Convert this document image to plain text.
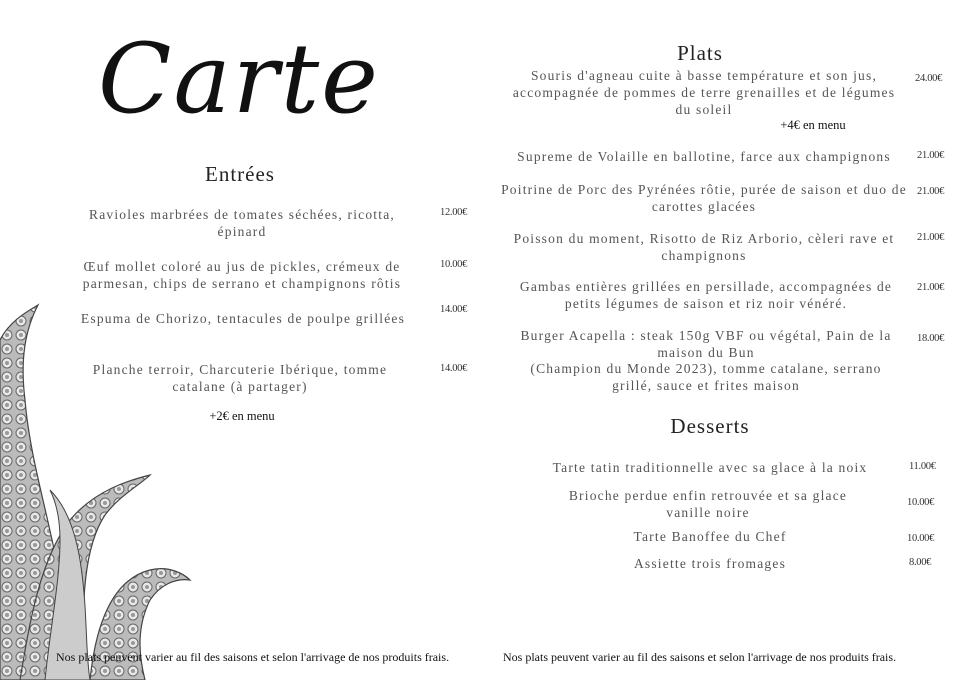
Carte
Entrées
Ravioles marbrées de tomates séchées, ricotta, épinard
12.00€
Œuf mollet coloré au jus de pickles, crémeux de parmesan, chips de serrano et champignons rôtis
10.00€
Espuma de Chorizo, tentacules de poulpe grillées
14.00€
Planche terroir, Charcuterie Ibérique, tomme catalane (à partager)
14.00€
+2€ en menu
Plats
Souris d'agneau cuite à basse température et son jus, accompagnée de pommes de terre grenailles et de légumes du soleil
24.00€
+4€ en menu
Supreme de Volaille en ballotine, farce aux champignons	21.00€
Poitrine de Porc des Pyrénées rôtie, purée de saison et duo de carottes glacées
21.00€
Poisson du moment, Risotto de Riz Arborio, cèleri rave et champignons
21.00€
Gambas entières grillées en persillade, accompagnées de petits légumes de saison et riz noir vénéré.
21.00€
Burger Acapella : steak 150g VBF ou végétal, Pain de la maison du Bun
(Champion du Monde 2023), tomme catalane, serrano grillé, sauce et frites maison
18.00€
Desserts
Tarte tatin traditionnelle avec sa glace à la noix	11.00€
Brioche perdue enfin retrouvée et sa glace vanille noire
10.00€
Tarte Banoffee du Chef	10.00€
Assiette trois fromages	8.00€
Nos plats peuvent varier au fil des saisons et selon l'arrivage de nos produits frais.	Nos plats peuvent varier au fil des saisons et selon l'arrivage de nos produits frais.
